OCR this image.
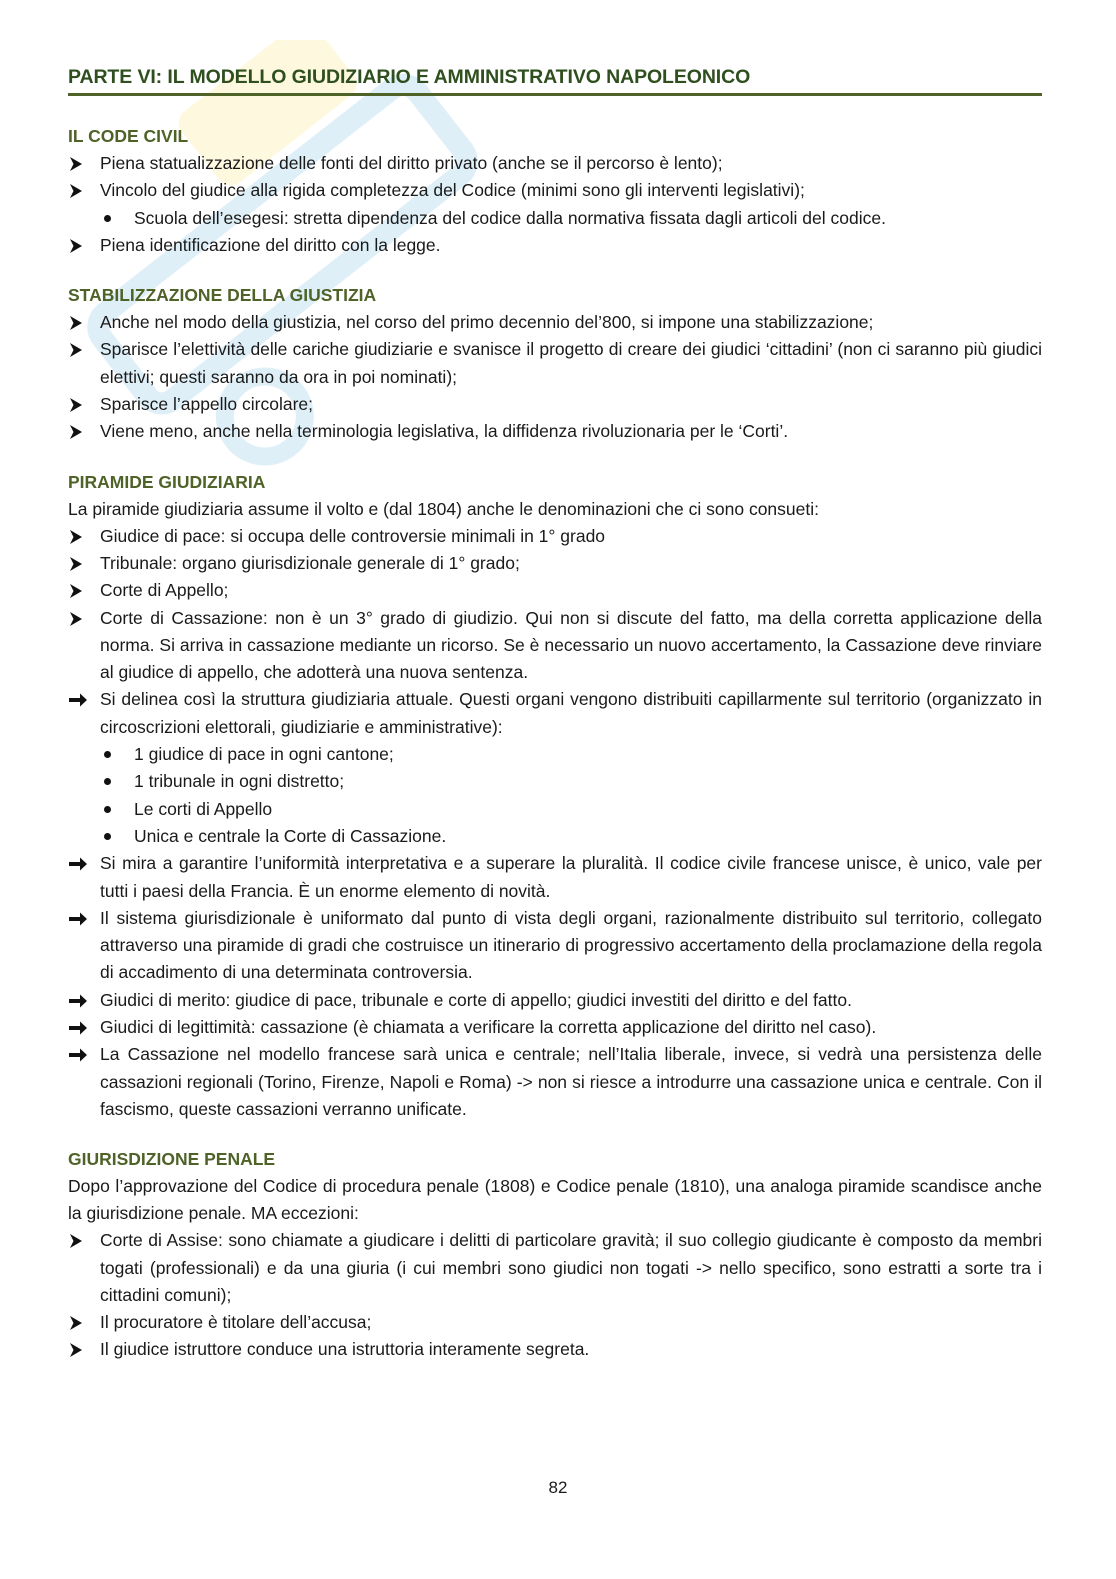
PARTE VI: IL MODELLO GIUDIZIARIO E AMMINISTRATIVO NAPOLEONICO
IL CODE CIVIL
Piena statualizzazione delle fonti del diritto privato (anche se il percorso è lento);
Vincolo del giudice alla rigida completezza del Codice (minimi sono gli interventi legislativi);
Scuola dell’esegesi: stretta dipendenza del codice dalla normativa fissata dagli articoli del codice.
Piena identificazione del diritto con la legge.
STABILIZZAZIONE DELLA GIUSTIZIA
Anche nel modo della giustizia, nel corso del primo decennio del’800, si impone una stabilizzazione;
Sparisce l’elettività delle cariche giudiziarie e svanisce il progetto di creare dei giudici ‘cittadini’ (non ci saranno più giudici elettivi; questi saranno da ora in poi nominati);
Sparisce l’appello circolare;
Viene meno, anche nella terminologia legislativa, la diffidenza rivoluzionaria per le ‘Corti’.
PIRAMIDE GIUDIZIARIA
La piramide giudiziaria assume il volto e (dal 1804) anche le denominazioni che ci sono consueti:
Giudice di pace: si occupa delle controversie minimali in 1° grado
Tribunale: organo giurisdizionale generale di 1° grado;
Corte di Appello;
Corte di Cassazione: non è un 3° grado di giudizio. Qui non si discute del fatto, ma della corretta applicazione della norma. Si arriva in cassazione mediante un ricorso. Se è necessario un nuovo accertamento, la Cassazione deve rinviare al giudice di appello, che adotterà una nuova sentenza.
Si delinea così la struttura giudiziaria attuale. Questi organi vengono distribuiti capillarmente sul territorio (organizzato in circoscrizioni elettorali, giudiziarie e amministrative):
1 giudice di pace in ogni cantone;
1 tribunale in ogni distretto;
Le corti di Appello
Unica e centrale la Corte di Cassazione.
Si mira a garantire l’uniformità interpretativa e a superare la pluralità. Il codice civile francese unisce, è unico, vale per tutti i paesi della Francia. È un enorme elemento di novità.
Il sistema giurisdizionale è uniformato dal punto di vista degli organi, razionalmente distribuito sul territorio, collegato attraverso una piramide di gradi che costruisce un itinerario di progressivo accertamento della proclamazione della regola di accadimento di una determinata controversia.
Giudici di merito: giudice di pace, tribunale e corte di appello; giudici investiti del diritto e del fatto.
Giudici di legittimità: cassazione (è chiamata a verificare la corretta applicazione del diritto nel caso).
La Cassazione nel modello francese sarà unica e centrale; nell’Italia liberale, invece, si vedrà una persistenza delle cassazioni regionali (Torino, Firenze, Napoli e Roma) -> non si riesce a introdurre una cassazione unica e centrale. Con il fascismo, queste cassazioni verranno unificate.
GIURISDIZIONE PENALE
Dopo l’approvazione del Codice di procedura penale (1808) e Codice penale (1810), una analoga piramide scandisce anche la giurisdizione penale. MA eccezioni:
Corte di Assise: sono chiamate a giudicare i delitti di particolare gravità; il suo collegio giudicante è composto da membri togati (professionali) e da una giuria (i cui membri sono giudici non togati -> nello specifico, sono estratti a sorte tra i cittadini comuni);
Il procuratore è titolare dell’accusa;
Il giudice istruttore conduce una istruttoria interamente segreta.
82
